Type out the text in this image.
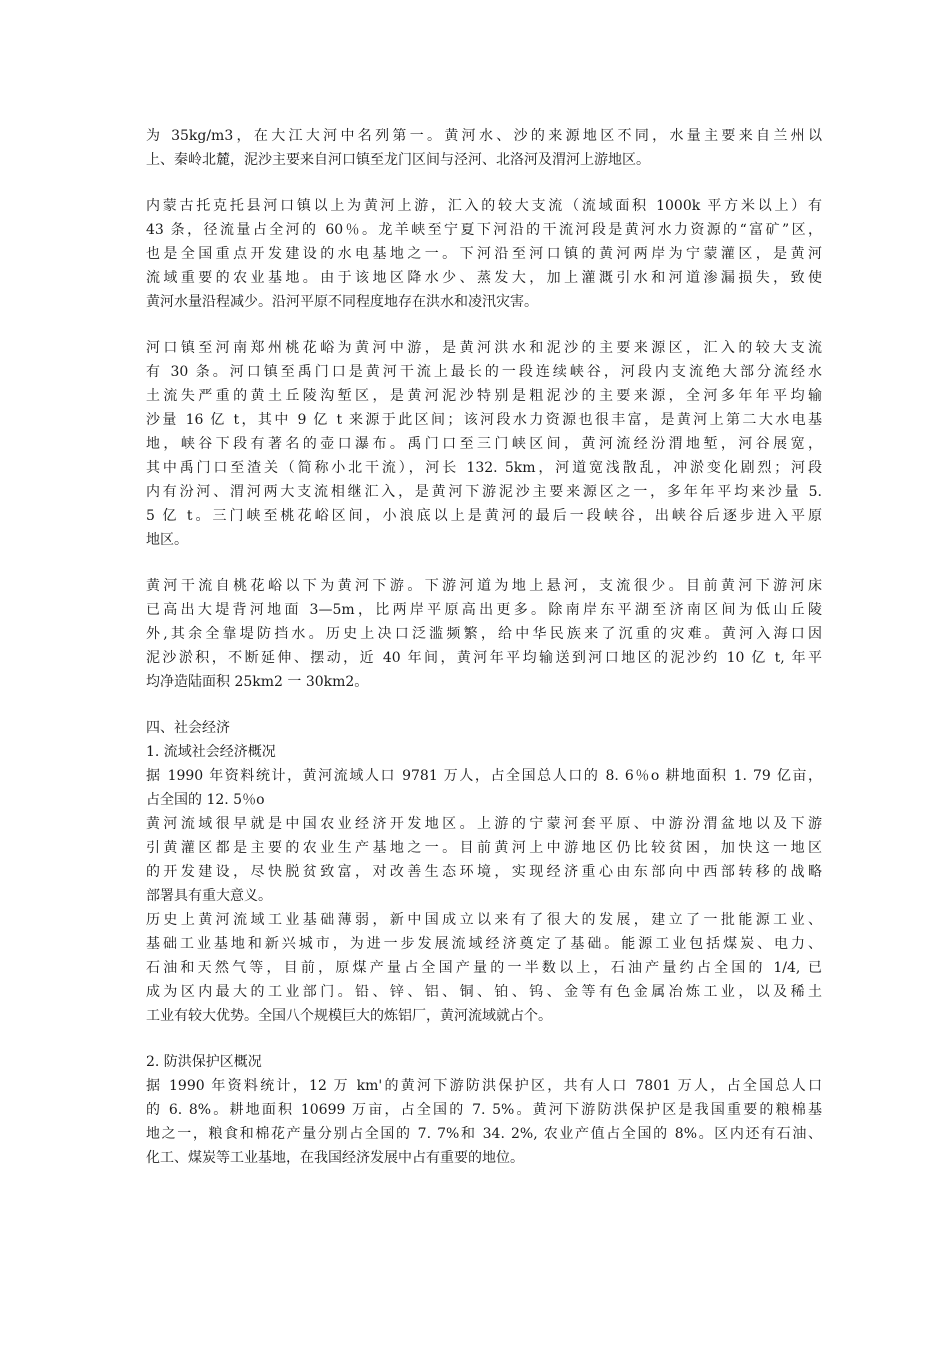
为 35kg/m3，在大江大河中名列第一。黄河水、沙的来源地区不同，水量主要来自兰州以
上、秦岭北麓，泥沙主要来自河口镇至龙门区间与泾河、北洛河及渭河上游地区。
内蒙古托克托县河口镇以上为黄河上游，汇入的较大支流（流域面积 1000k 平方米以上）有
43 条，径流量占全河的 60％。龙羊峡至宁夏下河沿的干流河段是黄河水力资源的“富矿”区，
也是全国重点开发建设的水电基地之一。下河沿至河口镇的黄河两岸为宁蒙灌区，是黄河
流域重要的农业基地。由于该地区降水少、蒸发大，加上灌溉引水和河道渗漏损失，致使
黄河水量沿程减少。沿河平原不同程度地存在洪水和凌汛灾害。
河口镇至河南郑州桃花峪为黄河中游，是黄河洪水和泥沙的主要来源区，汇入的较大支流
有 30 条。河口镇至禹门口是黄河干流上最长的一段连续峡谷，河段内支流绝大部分流经水
土流失严重的黄土丘陵沟堑区，是黄河泥沙特别是粗泥沙的主要来源，全河多年年平均输
沙量 16 亿 t，其中 9 亿 t 来源于此区间；该河段水力资源也很丰富，是黄河上第二大水电基
地，峡谷下段有著名的壶口瀑布。禹门口至三门峡区间，黄河流经汾渭地堑，河谷展宽，
其中禹门口至渣关（简称小北干流），河长 132. 5km，河道宽浅散乱，冲淤变化剧烈；河段
内有汾河、渭河两大支流相继汇入，是黄河下游泥沙主要来源区之一，多年年平均来沙量 5.
5 亿 t。三门峡至桃花峪区间，小浪底以上是黄河的最后一段峡谷，出峡谷后逐步进入平原
地区。
黄河干流自桃花峪以下为黄河下游。下游河道为地上悬河，支流很少。目前黄河下游河床
已高出大堤背河地面 3—5m，比两岸平原高出更多。除南岸东平湖至济南区间为低山丘陵
外,其余全靠堤防挡水。历史上决口泛滥频繁，给中华民族来了沉重的灾难。黄河入海口因
泥沙淤积，不断延伸、摆动，近 40 年间，黄河年平均输送到河口地区的泥沙约 10 亿 t, 年平
均净造陆面积 25km2 一 30km2。
四、社会经济
1. 流域社会经济概况
据 1990 年资料统计，黄河流域人口 9781 万人，占全国总人口的 8. 6％o 耕地面积 1. 79 亿亩，
占全国的 12. 5％o
黄河流域很早就是中国农业经济开发地区。上游的宁蒙河套平原、中游汾渭盆地以及下游
引黄灌区都是主要的农业生产基地之一。目前黄河上中游地区仍比较贫困，加快这一地区
的开发建设，尽快脱贫致富，对改善生态环境，实现经济重心由东部向中西部转移的战略
部署具有重大意义。
历史上黄河流域工业基础薄弱，新中国成立以来有了很大的发展，建立了一批能源工业、
基础工业基地和新兴城市，为进一步发展流域经济奠定了基础。能源工业包括煤炭、电力、
石油和天然气等，目前，原煤产量占全国产量的一半数以上，石油产量约占全国的 1/4, 已
成为区内最大的工业部门。铅、锌、铝、铜、铂、钨、金等有色金属冶炼工业，以及稀土
工业有较大优势。全国八个规模巨大的炼铝厂，黄河流域就占个。
2. 防洪保护区概况
据 1990 年资料统计，12 万 km'的黄河下游防洪保护区，共有人口 7801 万人，占全国总人口
的 6. 8%。耕地面积 10699 万亩，占全国的 7. 5%。黄河下游防洪保护区是我国重要的粮棉基
地之一，粮食和棉花产量分别占全国的 7. 7%和 34. 2%, 农业产值占全国的 8%。区内还有石油、
化工、煤炭等工业基地，在我国经济发展中占有重要的地位。
